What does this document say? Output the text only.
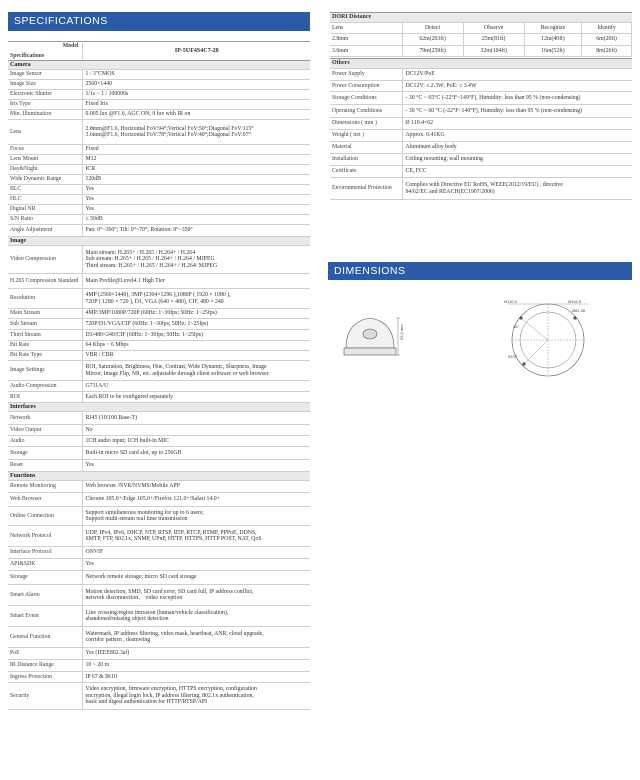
SPECIFICATIONS
Model
Specifications	IP-5UF4S4C7-28
Camera	
Image Sensor	1 / 3"CMOS
Image Size	2560×1440
Electronic Shutter	1/1s ~ 1 / 100000s
Iris Type	Fixed Iris
Min. Illumination	0.005 lux @F1.6, AGC ON; 0 lux with IR on
Lens	2.8mm@F1.6, Horizontal FoV:94°;Vertical FoV:50°;Diagonal FoV:115°
3.6mm@F1.6, Horizontal FoV:78°;Vertical FoV:40°;Diagonal FoV:97°
Focus	Fixed
Lens Mount	M12
Day&Night	ICR
Wide Dynamic Range	120dB
BLC	Yes
HLC	Yes
Digital NR	Yes
S/N Ratio	≥ 50dB
Angle Adjustment	Pan: 0°~360°; Tilt: 0°~70°; Rotation: 0°~350°
Image	
Video Compression	Main stream: H.265+ / H.265 / H.264+ / H.264
Sub stream: H.265+ / H.265 / H.264+ / H.264 / MJPEG
Third stream: H.265+ / H.265 / H.264+ / H.264/ MJPEG
H.265 Compression Standard	Main Profile@Level4.1 High Tier
Resolution	4MP (2560×1440), 3MP (2304×1296 ),1080P ( 1920 × 1080 ),
720P ( 1280 × 720 ), D1, VGA (640 × 480), CIF, 480 × 240
Main Stream	4MP/3MP/1080P/720P (60Hz: 1~30fps; 50Hz: 1~25fps)
Sub Stream	720P/D1/VGA/CIF (60Hz: 1~30fps; 50Hz: 1~25fps)
Third Stream	D1/480×240/CIF (60Hz: 1~30fps; 50Hz: 1~25fps)
Bit Rate	64 Kbps ~ 6 Mbps
Bit Rate Type	VBR / CBR
Image Settings	ROI, Saturation, Brightness, Hue, Contrast, Wide Dynamic, Sharpness, Image
Mirror, Image Flip, NR, etc. adjustable through client software or web browser
Audio Compression	G711A/U
ROI	Each ROI to be configured separately
Interfaces	
Network	RJ45 (10/100 Base-T)
Video Output	No
Audio	1CH audio input; 1CH built-in MIC
Storage	Built-in micro SD card slot, up to 256GB
Reset	Yes
Functions	
Remote Monitoring	Web browser /NVR/NVMS/Mobile APP
Web Browser	Chrome 105.0+/Edge 105.0+/Firefox 121.0+/Safari 14.0+
Online Connection	Support simultaneous monitoring for up to 6 users;
Support multi-stream real time transmission
Network Protocol	UDP, IPv4, IPv6, DHCP, NTP, RTSP, RTP, RTCP, RTMP, PPPoE, DDNS,
SMTP, FTP, 802.1x, SNMP, UPnP, HTTP, HTTPS, HTTP POST, NAT, QoS
Interface Protocol	ONVIF
API&SDK	Yes
Storage	Network remote storage; micro SD card storage
Smart Alarm	Motion detection, SMD, SD card error, SD card full, IP address conflict,
network disconnection， video exception
Smart Event	Line crossing/region intrusion (human/vehicle classification),
abandoned/missing object detection
General Function	Watermark, IP address filtering, video mask, heartbeat, ANR, cloud upgrade,
corridor pattern , deamwing
PoE	Yes (IEEE802.3af)
IR Distance Range	10 ~ 20 m
Ingress Protection	IP 67 & IK10
Security	Video encryption, firmware encryption, HTTPS encryption, configuration
encryption, illegal login lock, IP address filtering, 802.1x authentication,
basic and digest authentication for HTTP/RTSP/API
DORI Distance				
Lens	Detect	Observe	Recognize	Identify
2.8mm	62m(203ft)	25m(81ft)	12m(40ft)	6m(20ft)
3.6mm	79m(259ft)	32m(104ft)	16m(52ft)	8m(26ft)
Others	
Power Supply	DC12V/PoE
Power Consumption	DC12V: ≤ 2.3W; PoE: ≤ 3.4W
Storage Conditions	- 30 °C ~ 65°C (-22°F~149°F), Humidity: less than 95 % (non-condensing)
Operating Conditions	- 30 °C ~ 60 °C (-22°F~140°F), Humidity: less than 95 % (non-condensing)
Dimensions ( mm )	Ø 110.4×62
Weight ( net )	Approx. 0.41KG
Material	Aluminum alloy body
Installation	Ceiling mounting; wall mounting
Certificate	CE, FCC
Environmental Protection	Complies with Directive EU RoHS, WEEE(2012/19/EU) , directive
94/62/EC and REACH(EC1907/2006)
DIMENSIONS
62.0 mm
Ø110.4	Ø104.5
Ø81.36
36°
53.5°
